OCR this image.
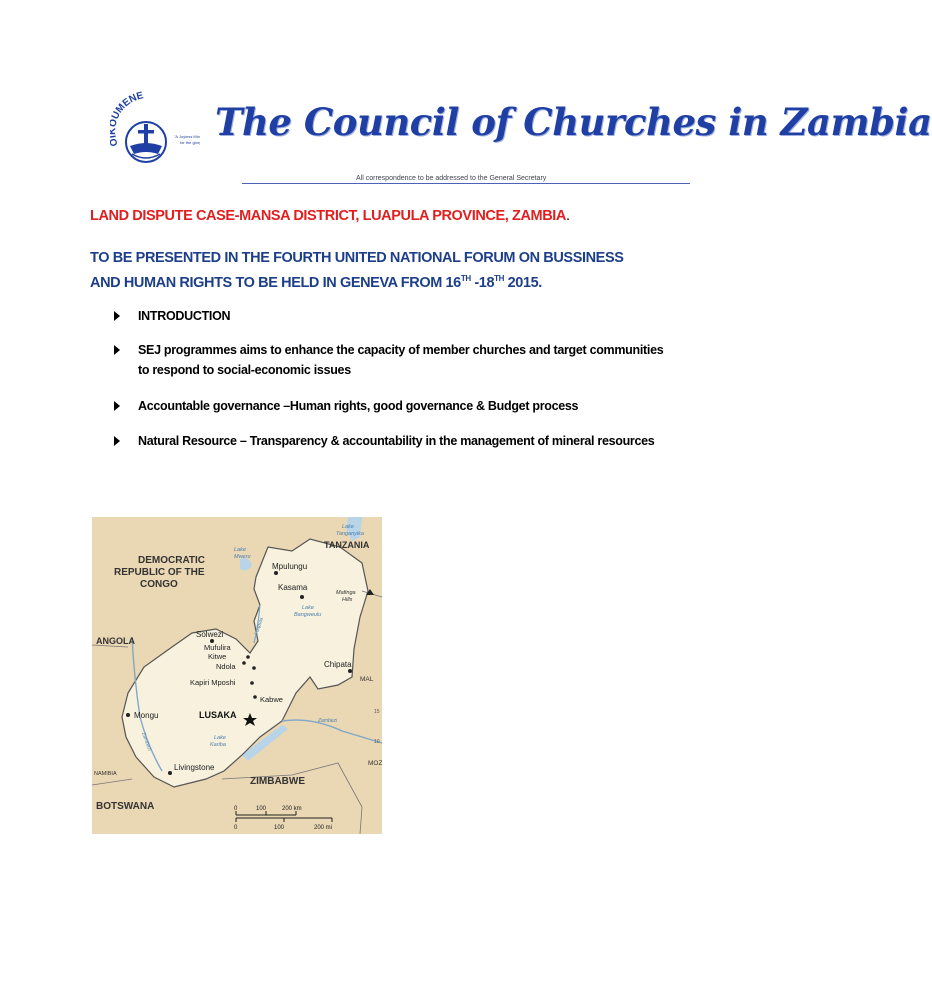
UMENE
"A Joyless Min
for the glor The Council of Churches in Zambia
All correspondence to be addressed to the General Secretary
LAND DISPUTE CASE-MANSA DISTRICT, LUAPULA PROVINCE, ZAMBIA.
TO BE PRESENTED IN THE FOURTH UNITED NATIONAL FORUM ON BUSSINESS
AND HUMAN RIGHTS TO BE HELD IN GENEVA FROM 16TH -18TH 2015.
INTRODUCTION
SEJ programmes aims to enhance the capacity of member churches and target communities to respond to social-economic issues
Accountable governance –Human rights, good governance & Budget process
Natural Resource – Transparency & accountability in the management of mineral resources
DEMOCRATIC
REPUBLIC OF THE
CONGO
TANZANIA
ANGOLA
ZIMBABWE
BOTSWANA
NAMIBIA
MAL
MOZ
Lake
Tanganyika
Lake
Mweru
Lake
Bangweulu
Lake
Kariba
Luapula
Zambezi
Zambezi
Mafinga
Hills
Mpulungu
Kasama
Solwezi
Mufulira
Kitwe
Ndola
Kapiri Mposhi
Kabwe
Chipata
Mongu	LUSAKA
Livingstone
10
15
0	100	200 km
0	100	200 mi
